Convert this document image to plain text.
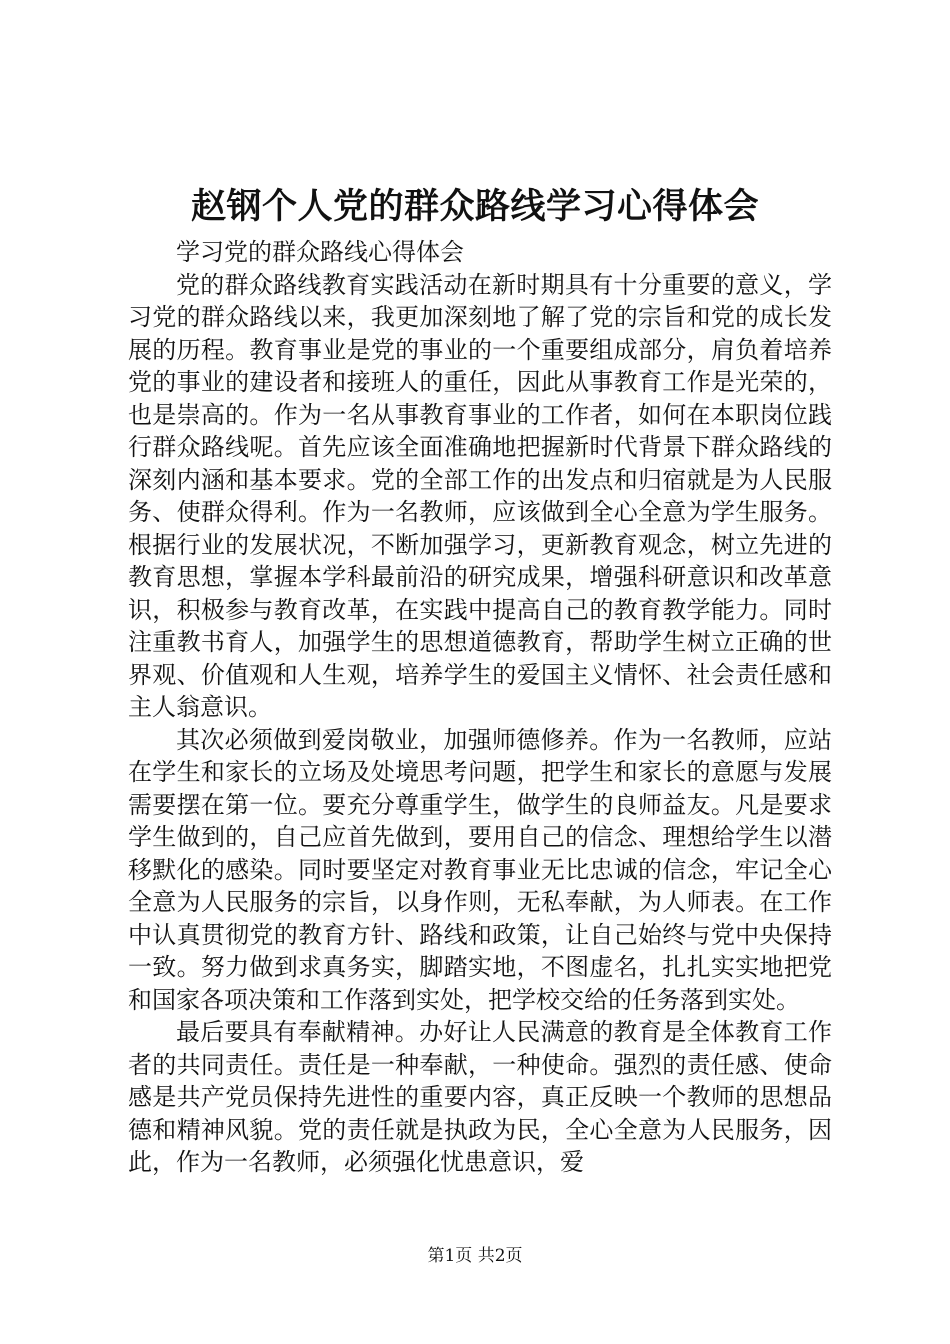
赵钢个人党的群众路线学习心得体会

学习党的群众路线心得体会

党的群众路线教育实践活动在新时期具有十分重要的意义，学习党的群众路线以来，我更加深刻地了解了党的宗旨和党的成长发展的历程。教育事业是党的事业的一个重要组成部分，肩负着培养党的事业的建设者和接班人的重任，因此从事教育工作是光荣的，也是崇高的。作为一名从事教育事业的工作者，如何在本职岗位践行群众路线呢。首先应该全面准确地把握新时代背景下群众路线的深刻内涵和基本要求。党的全部工作的出发点和归宿就是为人民服务、使群众得利。作为一名教师，应该做到全心全意为学生服务。根据行业的发展状况，不断加强学习，更新教育观念，树立先进的教育思想，掌握本学科最前沿的研究成果，增强科研意识和改革意识，积极参与教育改革，在实践中提高自己的教育教学能力。同时注重教书育人，加强学生的思想道德教育，帮助学生树立正确的世界观、价值观和人生观，培养学生的爱国主义情怀、社会责任感和主人翁意识。

其次必须做到爱岗敬业，加强师德修养。作为一名教师，应站在学生和家长的立场及处境思考问题，把学生和家长的意愿与发展需要摆在第一位。要充分尊重学生，做学生的良师益友。凡是要求学生做到的，自己应首先做到，要用自己的信念、理想给学生以潜移默化的感染。同时要坚定对教育事业无比忠诚的信念，牢记全心全意为人民服务的宗旨，以身作则，无私奉献，为人师表。在工作中认真贯彻党的教育方针、路线和政策，让自己始终与党中央保持一致。努力做到求真务实，脚踏实地，不图虚名，扎扎实实地把党和国家各项决策和工作落到实处，把学校交给的任务落到实处。

最后要具有奉献精神。办好让人民满意的教育是全体教育工作者的共同责任。责任是一种奉献，一种使命。强烈的责任感、使命感是共产党员保持先进性的重要内容，真正反映一个教师的思想品德和精神风貌。党的责任就是执政为民，全心全意为人民服务，因此，作为一名教师，必须强化忧患意识，爱

第1页 共2页
